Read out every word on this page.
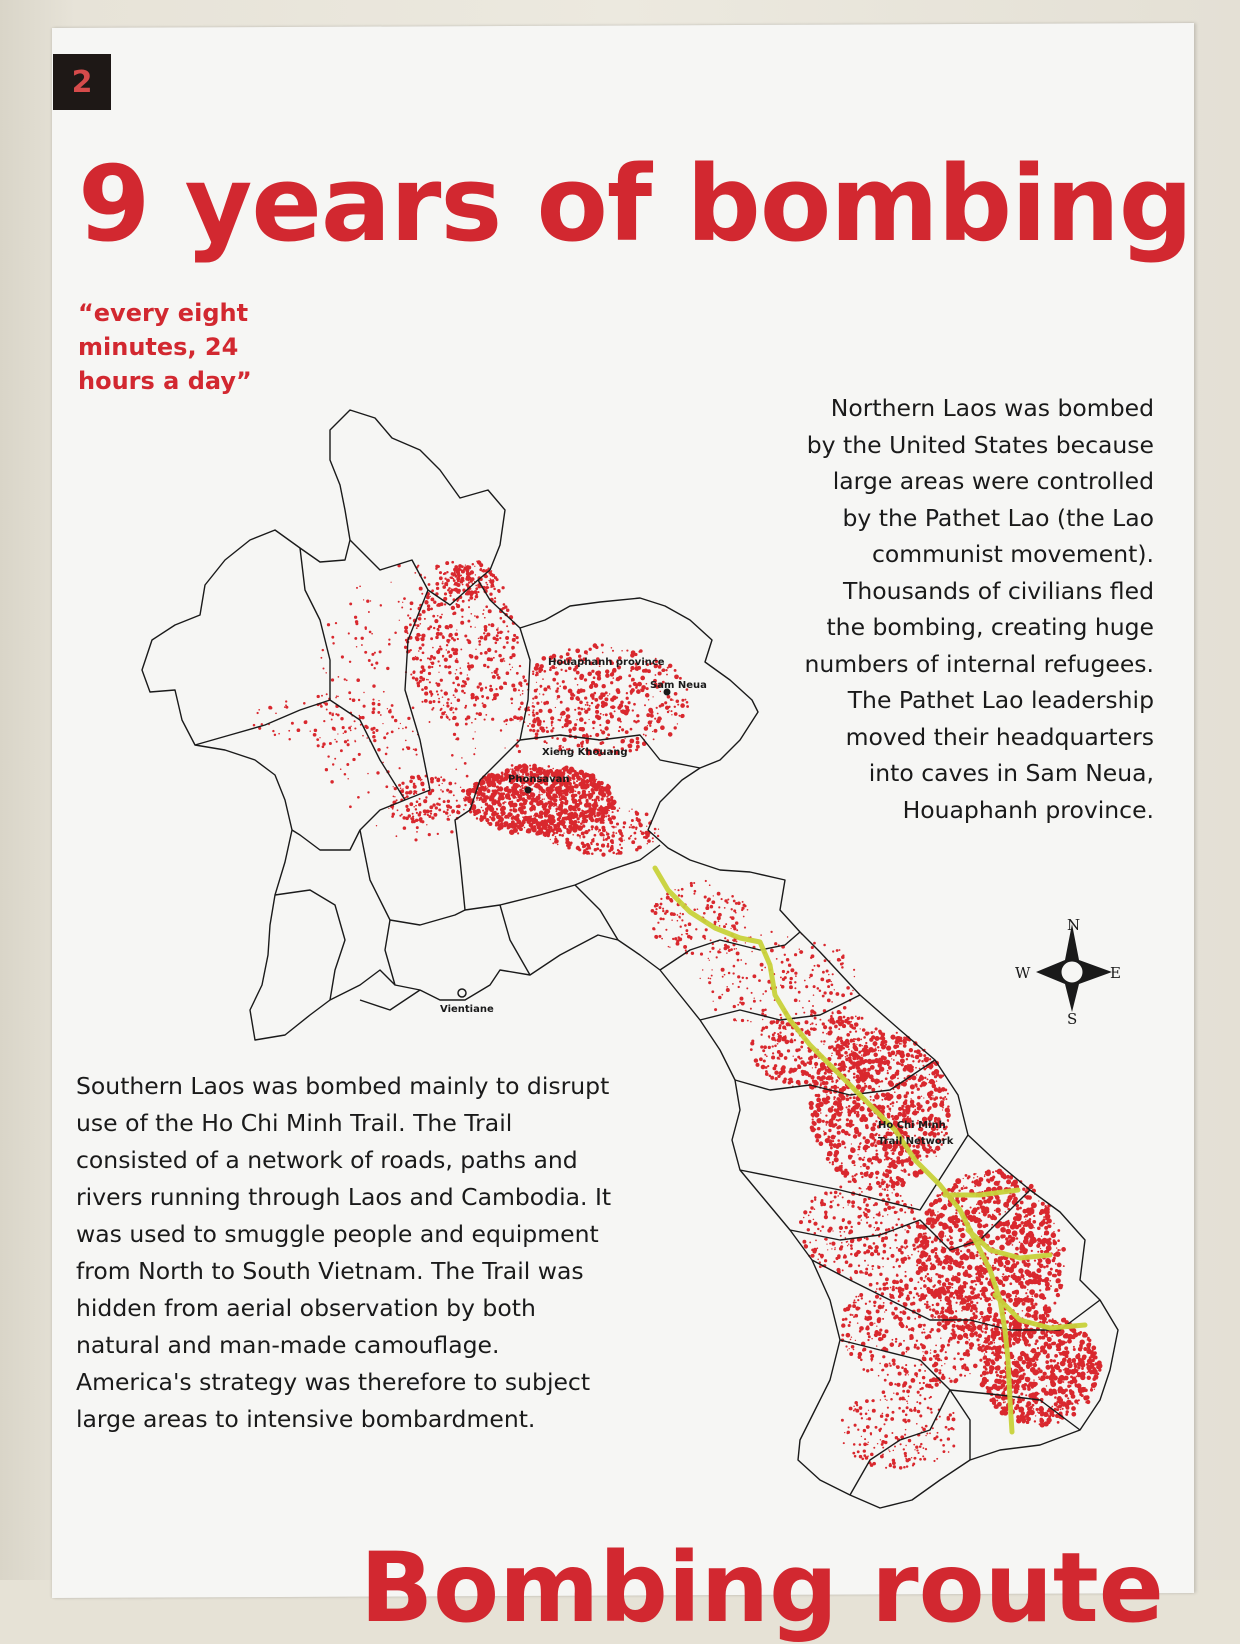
2
9 years of bombing
“every eight
minutes, 24
hours a day”
Northern Laos was bombed
by the United States because
large areas were controlled
by the Pathet Lao (the Lao
communist movement).
Thousands of civilians fled
the bombing, creating huge
numbers of internal refugees.
The Pathet Lao leadership
moved their headquarters
into caves in Sam Neua,
Houaphanh province.
Houaphanh province
Sam Neua
Xieng Khouang
Phonsavan
Vientiane
Ho Chi Minh
Trail Network
N
S
E
W
Southern Laos was bombed mainly to disrupt
use of the Ho Chi Minh Trail. The Trail
consisted of a network of roads, paths and
rivers running through Laos and Cambodia. It
was used to smuggle people and equipment
from North to South Vietnam. The Trail was
hidden from aerial observation by both
natural and man-made camouflage.
America's strategy was therefore to subject
large areas to intensive bombardment.
Bombing route
